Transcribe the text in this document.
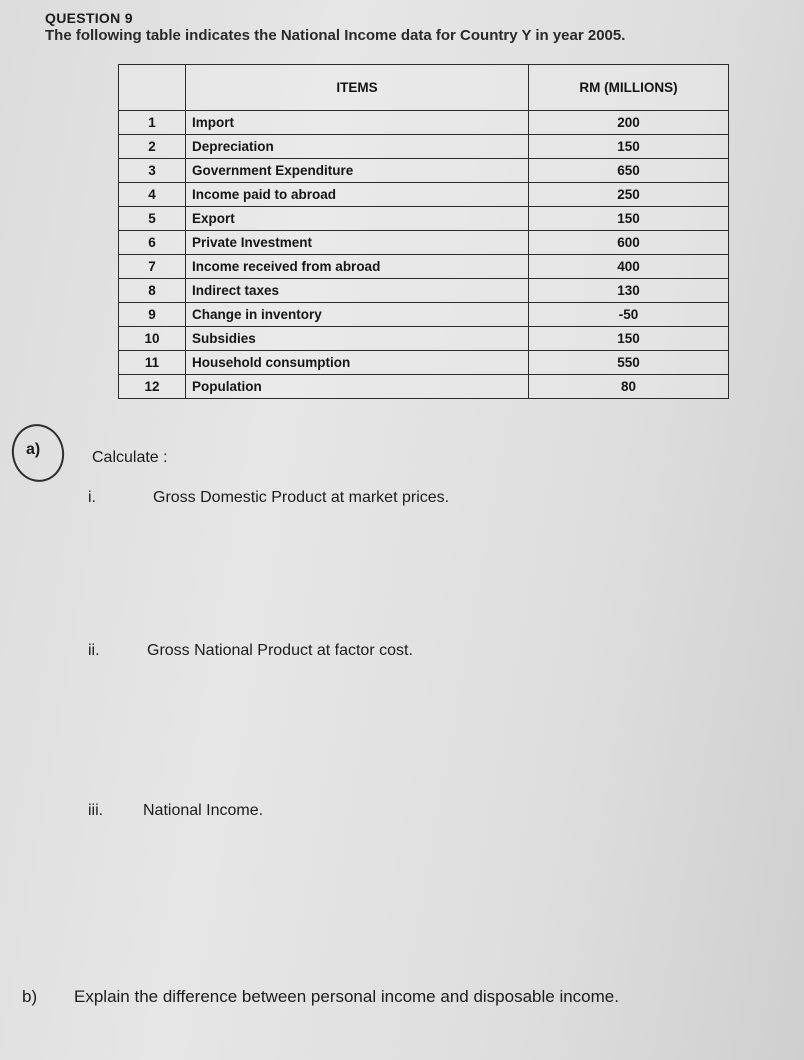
QUESTION 9
The following table indicates the National Income data for Country Y in year 2005.
	ITEMS	RM (MILLIONS)
1	Import	200
2	Depreciation	150
3	Government Expenditure	650
4	Income paid to abroad	250
5	Export	150
6	Private Investment	600
7	Income received from abroad	400
8	Indirect taxes	130
9	Change in inventory	-50
10	Subsidies	150
11	Household consumption	550
12	Population	80
a)	Calculate :
i.	Gross Domestic Product at market prices.
ii.	Gross National Product at factor cost.
iii. National Income.
b) Explain the difference between personal income and disposable income.
